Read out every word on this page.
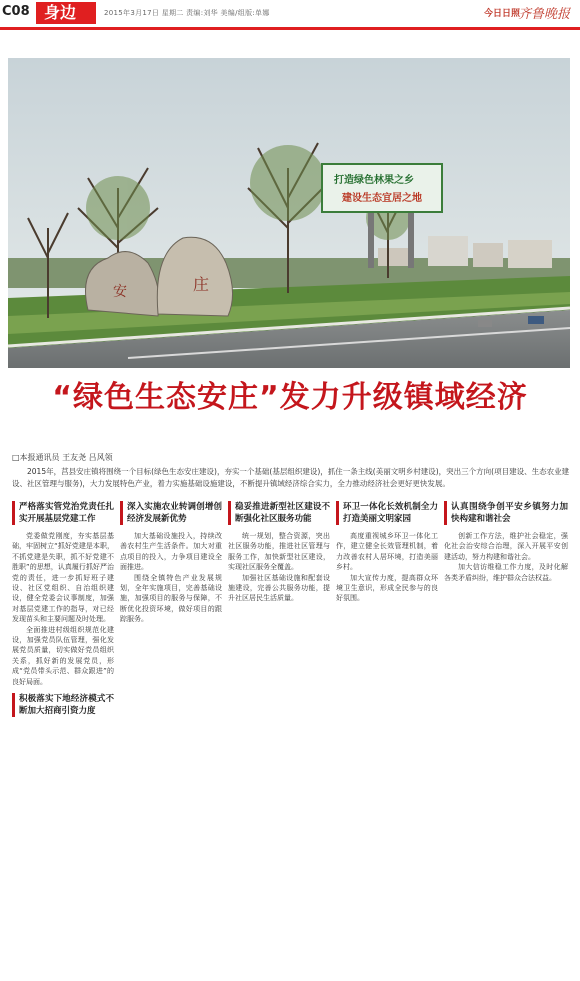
C08 身边	2015年3月17日 星期二 责编:刘华 美编/组版:单娜	今日日照
齐鲁晚报
庄
安
打造绿色林果之乡
建设生态宜居之地
“绿色生态安庄”发力升级镇域经济
□本报通讯员 王友尧 吕风领

2015年，莒县安庄镇将围绕一个目标(绿色生态安庄建设)，夯实一个基础(基层组织建设)，抓住一条主线(美丽文明乡村建设)，突出三个方向(项目建设、生态农业建设、社区管理与服务)，大力发展特色产业，着力实施基础设施建设，不断提升镇域经济综合实力，全力推动经济社会更好更快发展。

严格落实管党治党责任扎实开展基层党建工作

党委做党刚度，夯实基层基础，牢固树立“抓好党建是本职，不抓党建是失职，抓不好党建不胜职”的思想，认真履行抓好严治党的责任，进一步抓好班子建设、社区党组织、自治组织建设，健全党委会议事制度，加强对基层党建工作的指导，对已经发现苗头和主要问题及时处理。

全面推进村级组织规范化建设，加强党员队伍管理，强化发展党员质量，切实做好党员组织关系，抓好新的发展党员，形成“党员带头示范、群众跟进”的良好局面。

积极落实下地经济模式不断加大招商引资力度
深入实施农业转调创增创经济发展新优势

加大基础设施投入，持续改善农村生产生活条件。加大对重点项目的投入，力争项目建设全面推进。

围绕全镇特色产业发展规划，全年实施项目，完善基础设施，加强项目的服务与保障，不断优化投资环境，做好项目的跟踪服务。

稳妥推进新型社区建设不断强化社区服务功能

统一规划，整合资源，突出社区服务功能，推进社区管理与服务工作，加快新型社区建设，实现社区服务全覆盖。

加强社区基础设施和配套设施建设，完善公共服务功能，提升社区居民生活质量。

环卫一体化长效机制全力打造美丽文明家园

高度重视城乡环卫一体化工作，建立健全长效管理机制，着力改善农村人居环境，打造美丽乡村。

加大宣传力度，提高群众环境卫生意识，形成全民参与的良好氛围。

认真围绕争创平安乡镇努力加快构建和谐社会

创新工作方法，维护社会稳定，强化社会治安综合治理，深入开展平安创建活动，努力构建和谐社会。

加大信访维稳工作力度，及时化解各类矛盾纠纷，维护群众合法权益。
